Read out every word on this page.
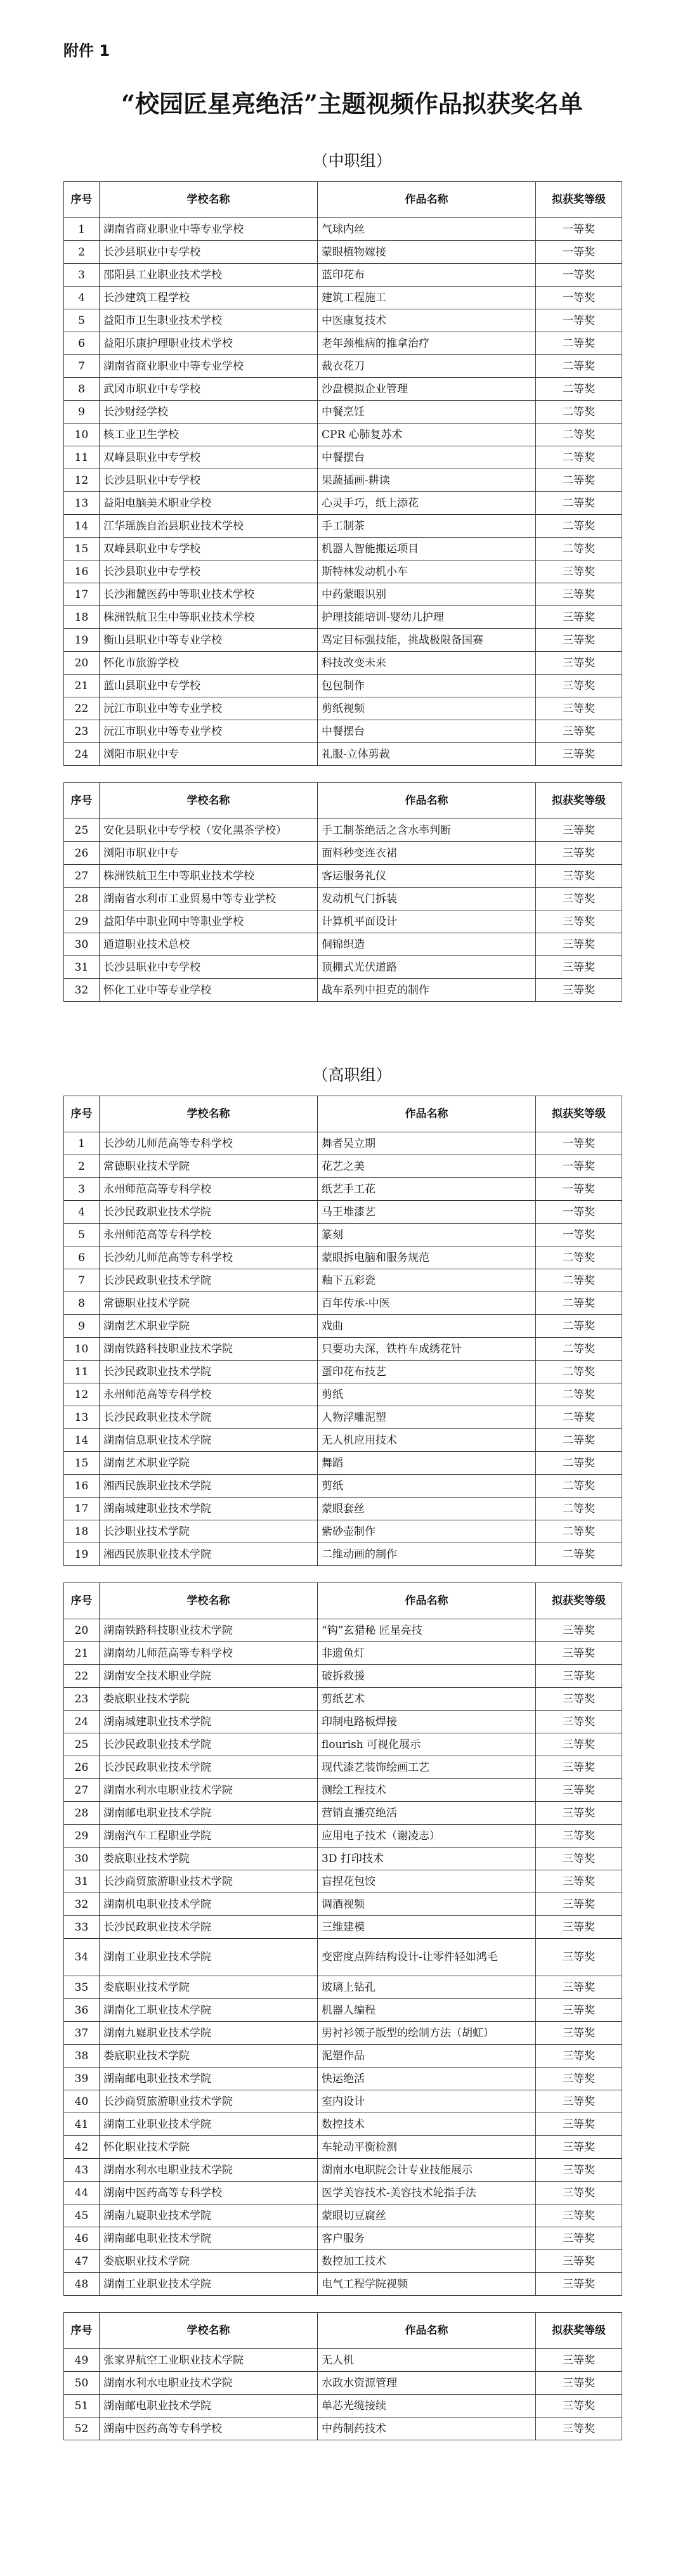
附件 1
“校园匠星亮绝活”主题视频作品拟获奖名单
（中职组）
序号	学校名称	作品名称	拟获奖等级
1	湖南省商业职业中等专业学校	气球内丝	一等奖
2	长沙县职业中专学校	蒙眼植物嫁接	一等奖
3	邵阳县工业职业技术学校	蓝印花布	一等奖
4	长沙建筑工程学校	建筑工程施工	一等奖
5	益阳市卫生职业技术学校	中医康复技术	一等奖
6	益阳乐康护理职业技术学校	老年颈椎病的推拿治疗	二等奖
7	湖南省商业职业中等专业学校	裁衣花刀	二等奖
8	武冈市职业中专学校	沙盘模拟企业管理	二等奖
9	长沙财经学校	中餐烹饪	二等奖
10	核工业卫生学校	CPR 心肺复苏术	二等奖
11	双峰县职业中专学校	中餐摆台	二等奖
12	长沙县职业中专学校	果蔬插画-耕读	二等奖
13	益阳电脑美术职业学校	心灵手巧，纸上添花	二等奖
14	江华瑶族自治县职业技术学校	手工制茶	二等奖
15	双峰县职业中专学校	机器人智能搬运项目	二等奖
16	长沙县职业中专学校	斯特林发动机小车	三等奖
17	长沙湘麓医药中等职业技术学校	中药蒙眼识别	三等奖
18	株洲铁航卫生中等职业技术学校	护理技能培训-婴幼儿护理	三等奖
19	衡山县职业中等专业学校	骂定目标强技能，挑战极限备国赛	三等奖
20	怀化市旅游学校	科技改变未来	三等奖
21	蓝山县职业中专学校	包包制作	三等奖
22	沅江市职业中等专业学校	剪纸视频	三等奖
23	沅江市职业中等专业学校	中餐摆台	三等奖
24	浏阳市职业中专	礼服-立体剪裁	三等奖
序号	学校名称	作品名称	拟获奖等级
25	安化县职业中专学校（安化黑茶学校）	手工制茶绝活之含水率判断	三等奖
26	浏阳市职业中专	面料秒变连衣裙	三等奖
27	株洲铁航卫生中等职业技术学校	客运服务礼仪	三等奖
28	湖南省水利市工业贸易中等专业学校	发动机气门拆装	三等奖
29	益阳华中职业网中等职业学校	计算机平面设计	三等奖
30	通道职业技术总校	侗锦织造	三等奖
31	长沙县职业中专学校	顶棚式光伏道路	三等奖
32	怀化工业中等专业学校	战车系列中担克的制作	三等奖
（高职组）
序号	学校名称	作品名称	拟获奖等级
1	长沙幼儿师范高等专科学校	舞者吴立期	一等奖
2	常德职业技术学院	花艺之美	一等奖
3	永州师范高等专科学校	纸艺手工花	一等奖
4	长沙民政职业技术学院	马王堆漆艺	一等奖
5	永州师范高等专科学校	篆刻	一等奖
6	长沙幼儿师范高等专科学校	蒙眼拆电脑和服务规范	二等奖
7	长沙民政职业技术学院	釉下五彩瓷	二等奖
8	常德职业技术学院	百年传承-中医	二等奖
9	湖南艺术职业学院	戏曲	二等奖
10	湖南铁路科技职业技术学院	只要功夫深，铁杵车成绣花针	二等奖
11	长沙民政职业技术学院	蛋印花布技艺	二等奖
12	永州师范高等专科学校	剪纸	二等奖
13	长沙民政职业技术学院	人物浮雕泥塑	二等奖
14	湖南信息职业技术学院	无人机应用技术	二等奖
15	湖南艺术职业学院	舞蹈	二等奖
16	湘西民族职业技术学院	剪纸	二等奖
17	湖南城建职业技术学院	蒙眼套丝	二等奖
18	长沙职业技术学院	紫砂壶制作	二等奖
19	湘西民族职业技术学院	二维动画的制作	二等奖
序号	学校名称	作品名称	拟获奖等级
20	湖南铁路科技职业技术学院	“钩”玄猎秘 匠星亮技	三等奖
21	湖南幼儿师范高等专科学校	非遗鱼灯	三等奖
22	湖南安全技术职业学院	破拆救援	三等奖
23	娄底职业技术学院	剪纸艺术	三等奖
24	湖南城建职业技术学院	印制电路板焊接	三等奖
25	长沙民政职业技术学院	flourish 可视化展示	三等奖
26	长沙民政职业技术学院	现代漆艺装饰绘画工艺	三等奖
27	湖南水利水电职业技术学院	测绘工程技术	三等奖
28	湖南邮电职业技术学院	营销直播亮绝活	三等奖
29	湖南汽车工程职业学院	应用电子技术（谢凌志）	三等奖
30	娄底职业技术学院	3D 打印技术	三等奖
31	长沙商贸旅游职业技术学院	盲捏花包饺	三等奖
32	湖南机电职业技术学院	调酒视频	三等奖
33	长沙民政职业技术学院	三维建模	三等奖
34	湖南工业职业技术学院	变密度点阵结构设计-让零件轻如鸿毛	三等奖
35	娄底职业技术学院	玻璃上钻孔	三等奖
36	湖南化工职业技术学院	机器人编程	三等奖
37	湖南九嶷职业技术学院	男衬衫领子版型的绘制方法（胡虹）	三等奖
38	娄底职业技术学院	泥塑作品	三等奖
39	湖南邮电职业技术学院	快运绝活	三等奖
40	长沙商贸旅游职业技术学院	室内设计	三等奖
41	湖南工业职业技术学院	数控技术	三等奖
42	怀化职业技术学院	车轮动平衡检测	三等奖
43	湖南水利水电职业技术学院	湖南水电职院会计专业技能展示	三等奖
44	湖南中医药高等专科学校	医学美容技术-美容技术轮指手法	三等奖
45	湖南九嶷职业技术学院	蒙眼切豆腐丝	三等奖
46	湖南邮电职业技术学院	客户服务	三等奖
47	娄底职业技术学院	数控加工技术	三等奖
48	湖南工业职业技术学院	电气工程学院视频	三等奖
序号	学校名称	作品名称	拟获奖等级
49	张家界航空工业职业技术学院	无人机	三等奖
50	湖南水利水电职业技术学院	水政水资源管理	三等奖
51	湖南邮电职业技术学院	单芯光缆接续	三等奖
52	湖南中医药高等专科学校	中药制药技术	三等奖
